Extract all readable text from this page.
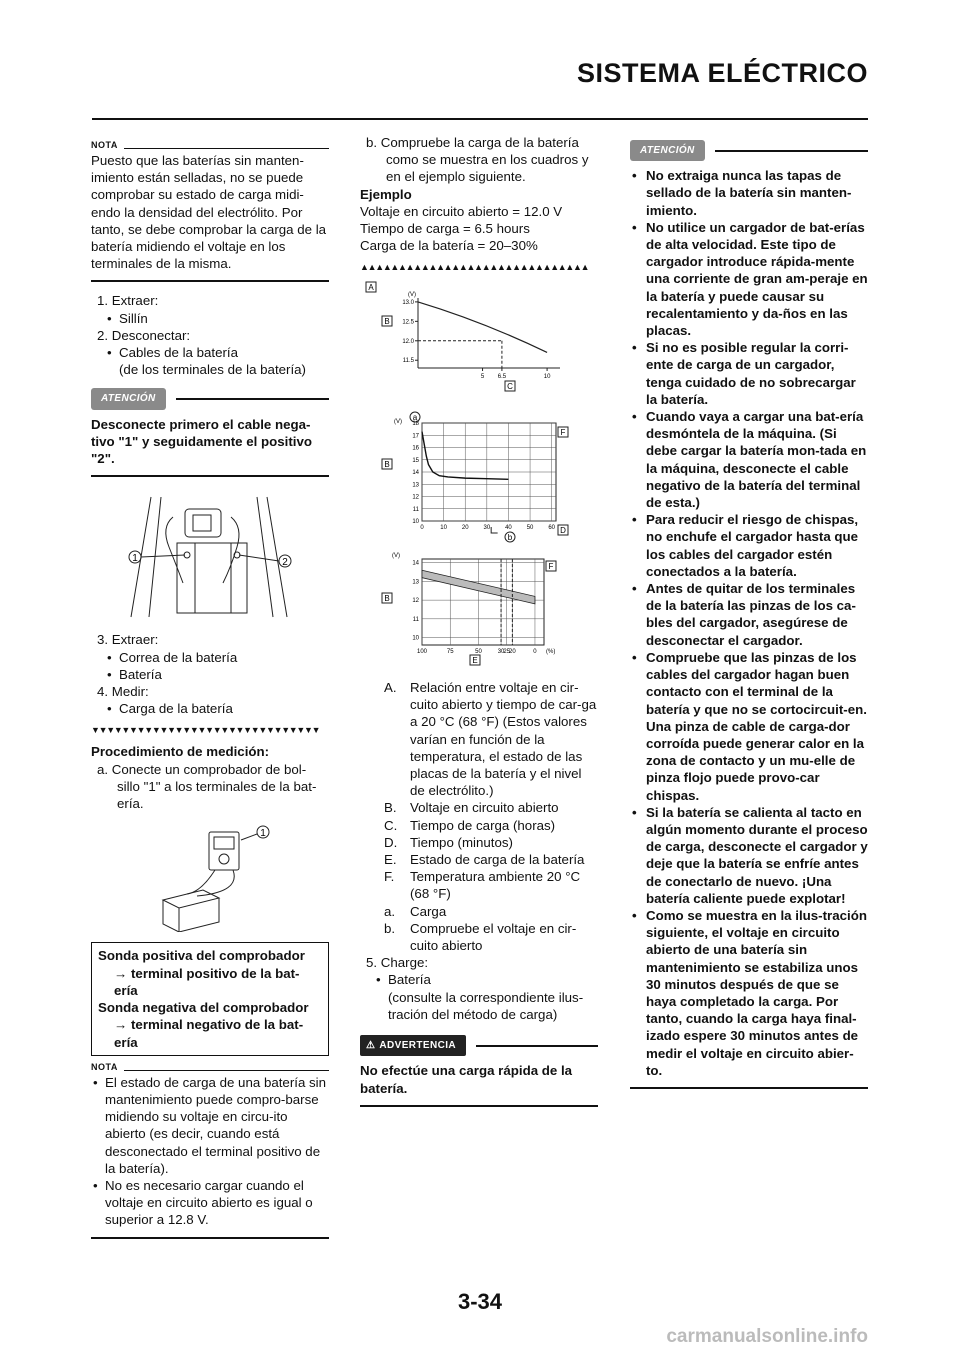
SISTEMA ELÉCTRICO
NOTA
Puesto que las baterías sin manten-imiento están selladas, no se puede comprobar su estado de carga midi-endo la densidad del electrólito. Por tanto, se debe comprobar la carga de la batería midiendo el voltaje en los terminales de la misma.
1. Extraer:
• Sillín
2. Desconectar:
• Cables de la batería
(de los terminales de la batería)
ATENCIÓN
Desconecte primero el cable nega-tivo "1" y seguidamente el positivo "2".
1	2
3. Extraer:
• Correa de la batería
• Batería
4. Medir:
• Carga de la batería
▼▼▼▼▼▼▼▼▼▼▼▼▼▼▼▼▼▼▼▼▼▼▼▼▼▼▼▼▼▼
Procedimiento de medición:
a. Conecte un comprobador de bol-sillo "1" a los terminales de la bat-ería.
1
Sonda positiva del comprobador
→ terminal positivo de la bat-ería
Sonda negativa del comprobador
→ terminal negativo de la bat-ería
NOTA
• El estado de carga de una batería sin mantenimiento puede compro-barse midiendo su voltaje en circu-ito abierto (es decir, cuando está desconectado el terminal positivo de la batería).
• No es necesario cargar cuando el voltaje en circuito abierto es igual o superior a 12.8 V.
b. Compruebe la carga de la batería como se muestra en los cuadros y en el ejemplo siguiente.
Ejemplo
Voltaje en circuito abierto = 12.0 V
Tiempo de carga = 6.5 hours
Carga de la batería = 20–30%
▲▲▲▲▲▲▲▲▲▲▲▲▲▲▲▲▲▲▲▲▲▲▲▲▲▲▲▲▲▲
A
B
C
(V)
13.0
12.5
12.0
11.5
5 6.5	10

a
B
F
b
D
(V) 18
17
16
15
14
13
12
11
10
0	10 20 30 40 50 60

B
F
E
(V)
14
13
12
11
10
100	75	50	30
25
20	0 (%)
A. Relación entre voltaje en cir-cuito abierto y tiempo de car-ga a 20 °C (68 °F) (Estos valores varían en función de la temperatura, el estado de las placas de la batería y el nivel de electrólito.)
B. Voltaje en circuito abierto
C. Tiempo de carga (horas)
D. Tiempo (minutos)
E. Estado de carga de la batería
F. Temperatura ambiente 20 °C (68 °F)
a. Carga
b. Compruebe el voltaje en cir-cuito abierto
5. Charge:
• Batería
(consulte la correspondiente ilus-tración del método de carga)
⚠ ADVERTENCIA
No efectúe una carga rápida de la batería.
ATENCIÓN
• No extraiga nunca las tapas de sellado de la batería sin manten-imiento.
• No utilice un cargador de bat-erías de alta velocidad. Este tipo de cargador introduce rápida-mente una corriente de gran am-peraje en la batería y puede causar su recalentamiento y da-ños en las placas.
• Si no es posible regular la corri-ente de carga de un cargador, tenga cuidado de no sobrecargar la batería.
• Cuando vaya a cargar una bat-ería desmóntela de la máquina. (Si debe cargar la batería mon-tada en la máquina, desconecte el cable negativo de la batería del terminal de esta.)
• Para reducir el riesgo de chispas, no enchufe el cargador hasta que los cables del cargador estén conectados a la batería.
• Antes de quitar de los terminales de la batería las pinzas de los ca-bles del cargador, asegúrese de desconectar el cargador.
• Compruebe que las pinzas de los cables del cargador hagan buen contacto con el terminal de la batería y que no se cortocircuit-en. Una pinza de cable de carga-dor corroída puede generar calor en la zona de contacto y un mu-elle de pinza flojo puede provo-car chispas.
• Si la batería se calienta al tacto en algún momento durante el proceso de carga, desconecte el cargador y deje que la batería se enfríe antes de conectarlo de nuevo. ¡Una batería caliente puede explotar!
• Como se muestra en la ilus-tración siguiente, el voltaje en circuito abierto de una batería sin mantenimiento se estabiliza unos 30 minutos después de que se haya completado la carga. Por tanto, cuando la carga haya final-izado espere 30 minutos antes de medir el voltaje en circuito abier-to.
3-34
carmanualsonline.info
